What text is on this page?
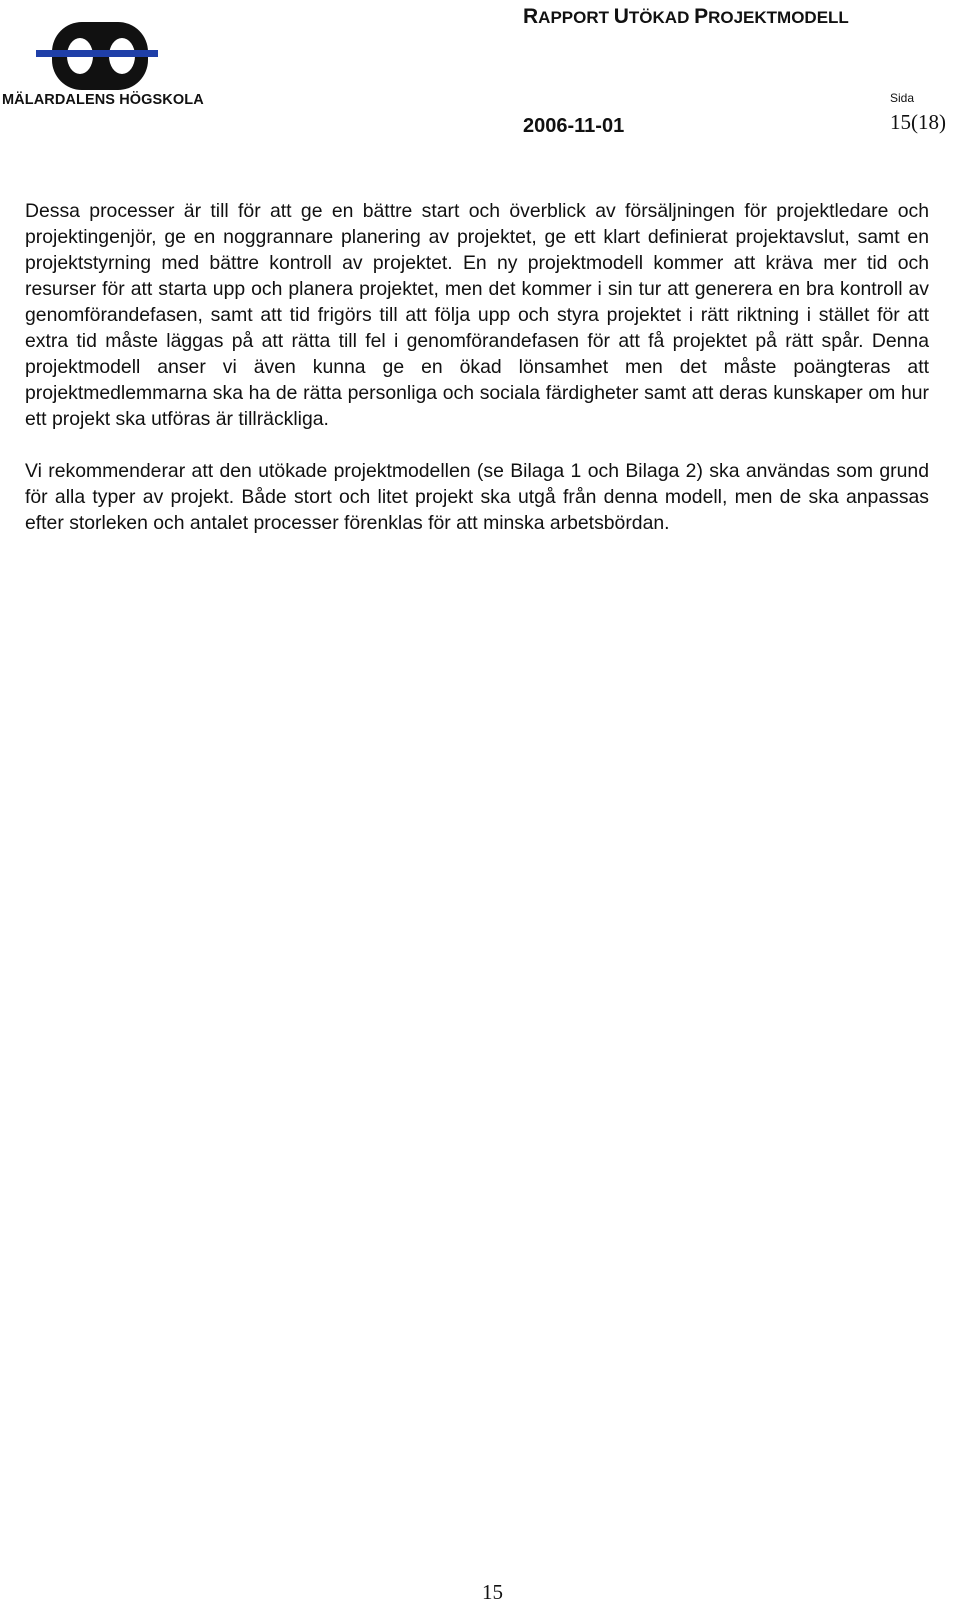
MÄLARDALENS HÖGSKOLA
RAPPORT UTÖKAD PROJEKTMODELL
Sida
2006-11-01	15(18)

Dessa processer är till för att ge en bättre start och överblick av försäljningen för projektledare och projektingenjör, ge en noggrannare planering av projektet, ge ett klart definierat projektavslut, samt en projektstyrning med bättre kontroll av projektet. En ny projektmodell kommer att kräva mer tid och resurser för att starta upp och planera projektet, men det kommer i sin tur att generera en bra kontroll av genomförandefasen, samt att tid frigörs till att följa upp och styra projektet i rätt riktning i stället för att extra tid måste läggas på att rätta till fel i genomförandefasen för att få projektet på rätt spår. Denna projektmodell anser vi även kunna ge en ökad lönsamhet men det måste poängteras att projektmedlemmarna ska ha de rätta personliga och sociala färdigheter samt att deras kunskaper om hur ett projekt ska utföras är tillräckliga.

Vi rekommenderar att den utökade projektmodellen (se Bilaga 1 och Bilaga 2) ska användas som grund för alla typer av projekt. Både stort och litet projekt ska utgå från denna modell, men de ska anpassas efter storleken och antalet processer förenklas för att minska arbetsbördan.

15
